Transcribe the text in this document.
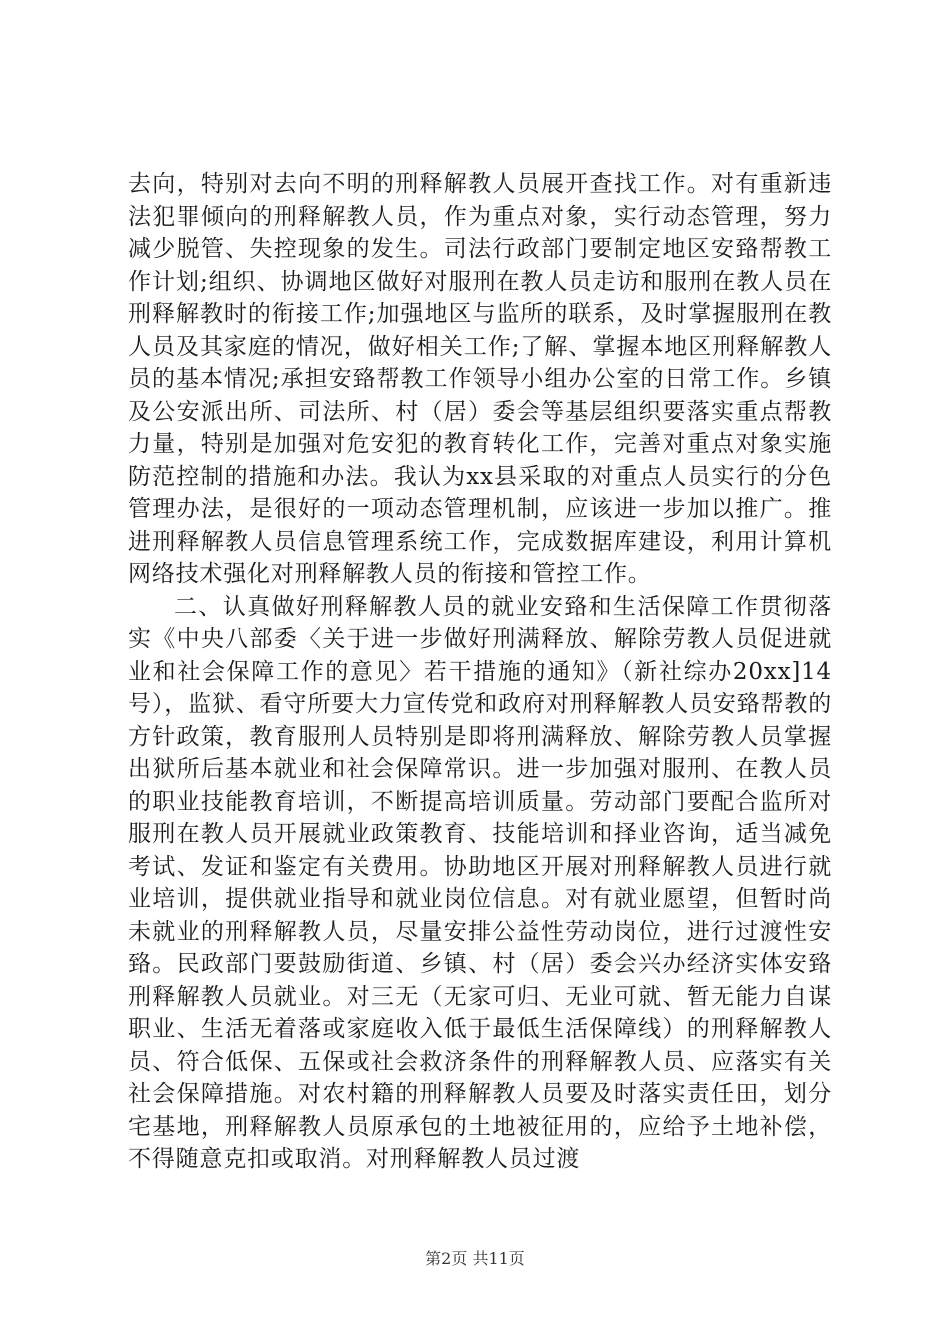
去向，特别对去向不明的刑释解教人员展开查找工作。对有重新违法犯罪倾向的刑释解教人员，作为重点对象，实行动态管理，努力减少脱管、失控现象的发生。司法行政部门要制定地区安臵帮教工作计划;组织、协调地区做好对服刑在教人员走访和服刑在教人员在刑释解教时的衔接工作;加强地区与监所的联系，及时掌握服刑在教人员及其家庭的情况，做好相关工作;了解、掌握本地区刑释解教人员的基本情况;承担安臵帮教工作领导小组办公室的日常工作。乡镇及公安派出所、司法所、村（居）委会等基层组织要落实重点帮教力量，特别是加强对危安犯的教育转化工作，完善对重点对象实施防范控制的措施和办法。我认为xx县采取的对重点人员实行的分色管理办法，是很好的一项动态管理机制，应该进一步加以推广。推进刑释解教人员信息管理系统工作，完成数据库建设，利用计算机网络技术强化对刑释解教人员的衔接和管控工作。

二、认真做好刑释解教人员的就业安臵和生活保障工作贯彻落实《中央八部委〈关于进一步做好刑满释放、解除劳教人员促进就业和社会保障工作的意见〉若干措施的通知》（新社综办20xx]14号），监狱、看守所要大力宣传党和政府对刑释解教人员安臵帮教的方针政策，教育服刑人员特别是即将刑满释放、解除劳教人员掌握出狱所后基本就业和社会保障常识。进一步加强对服刑、在教人员的职业技能教育培训，不断提高培训质量。劳动部门要配合监所对服刑在教人员开展就业政策教育、技能培训和择业咨询，适当减免考试、发证和鉴定有关费用。协助地区开展对刑释解教人员进行就业培训，提供就业指导和就业岗位信息。对有就业愿望，但暂时尚未就业的刑释解教人员，尽量安排公益性劳动岗位，进行过渡性安臵。民政部门要鼓励街道、乡镇、村（居）委会兴办经济实体安臵刑释解教人员就业。对三无（无家可归、无业可就、暂无能力自谋职业、生活无着落或家庭收入低于最低生活保障线）的刑释解教人员、符合低保、五保或社会救济条件的刑释解教人员、应落实有关社会保障措施。对农村籍的刑释解教人员要及时落实责任田，划分宅基地，刑释解教人员原承包的土地被征用的，应给予土地补偿，不得随意克扣或取消。对刑释解教人员过渡

第2页 共11页
